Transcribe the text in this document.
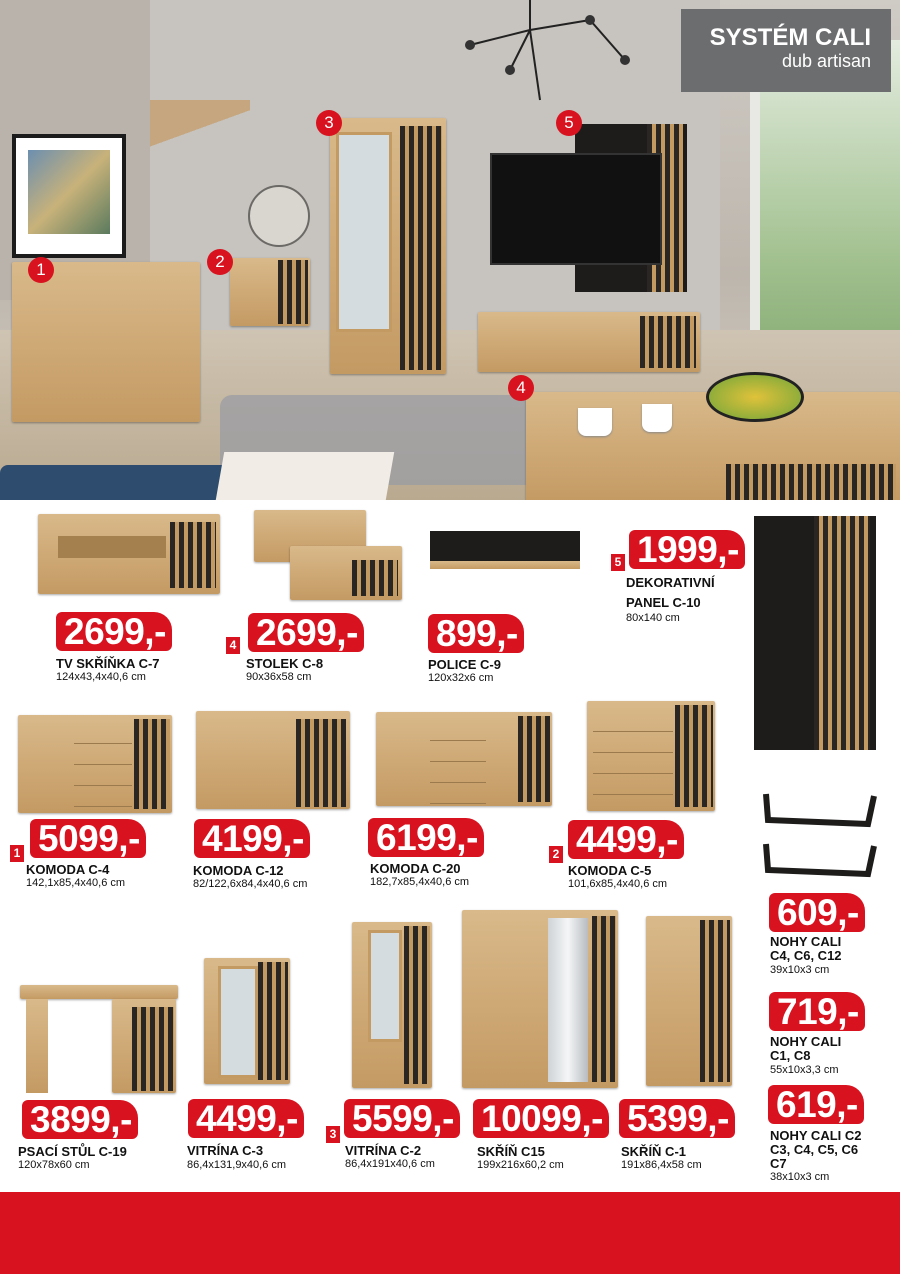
1	2
3
4
5
SYSTÉM CALI
dub artisan
2699,-
TV SKŘÍŇKA C-7
124x43,4x40,6 cm
4 2699,-
STOLEK C-8
90x36x58 cm
899,-
POLICE C-9
120x32x6 cm
5 1999,-
DEKORATIVNÍ
PANEL C-10
80x140 cm
1 5099,-
KOMODA C-4
142,1x85,4x40,6 cm
4199,-
KOMODA C-12
82/122,6x84,4x40,6 cm
6199,-
KOMODA C-20
182,7x85,4x40,6 cm
2 4499,-
KOMODA C-5
101,6x85,4x40,6 cm
609,-
NOHY CALI
C4, C6, C12
39x10x3 cm
719,-
NOHY CALI
C1, C8
55x10x3,3 cm
619,-
NOHY CALI C2
C3, C4, C5, C6
C7
38x10x3 cm
3899,-
PSACÍ STŮL C-19
120x78x60 cm
4499,-
VITRÍNA C-3
86,4x131,9x40,6 cm
3 5599,-
VITRÍNA C-2
86,4x191x40,6 cm
10099,-
SKŘÍŇ C15
199x216x60,2 cm
5399,-
SKŘÍŇ C-1
191x86,4x58 cm
